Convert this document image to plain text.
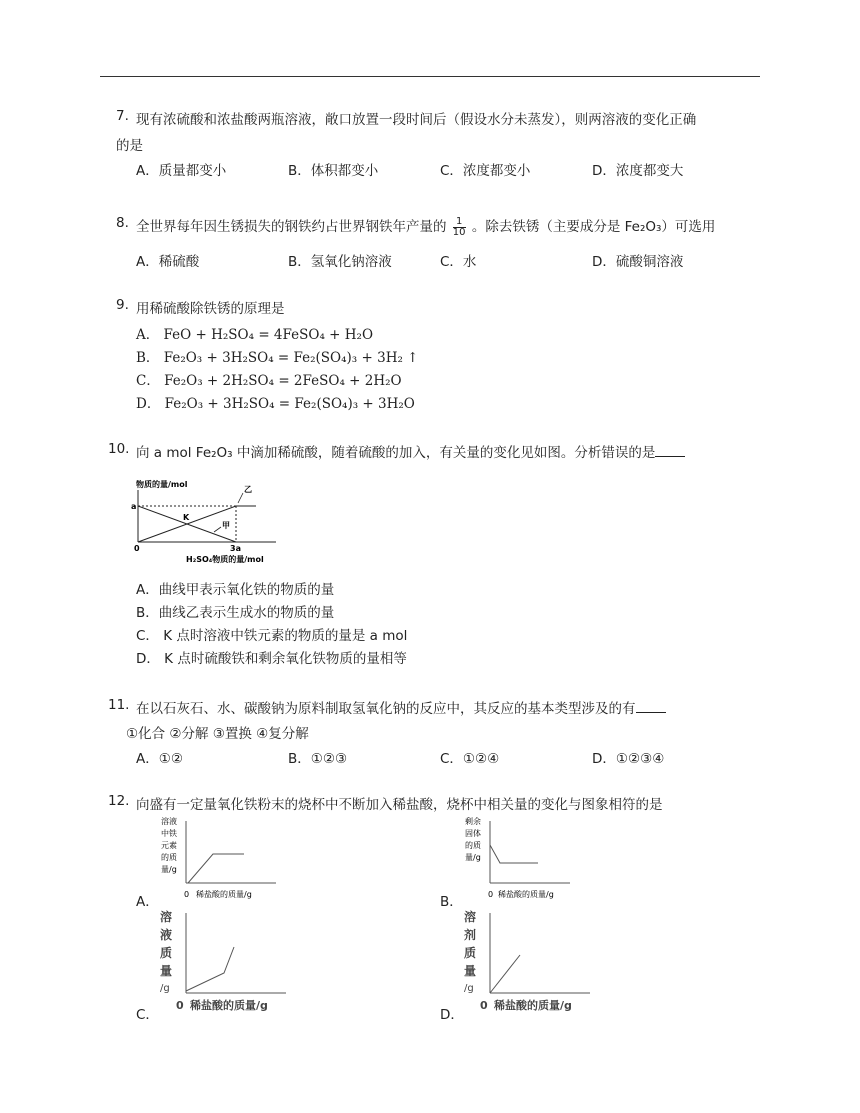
7. 现有浓硫酸和浓盐酸两瓶溶液，敞口放置一段时间后（假设水分未蒸发），则两溶液的变化正确
的是
A．质量都变小	B．体积都变小	C．浓度都变小	D．浓度都变大
8. 全世界每年因生锈损失的钢铁约占世界钢铁年产量的 $\frac{1}{10}$ 。除去铁锈（主要成分是 Fe₂O₃）可选用
A．稀硫酸	B．氢氧化钠溶液	C．水	D．硫酸铜溶液
9. 用稀硫酸除铁锈的原理是
A． FeO + H₂SO₄ = 4FeSO₄ + H₂O
B． Fe₂O₃ + 3H₂SO₄ = Fe₂(SO₄)₃ + 3H₂ ↑
C． Fe₂O₃ + 2H₂SO₄ = 2FeSO₄ + 2H₂O
D． Fe₂O₃ + 3H₂SO₄ = Fe₂(SO₄)₃ + 3H₂O
10. 向 a mol Fe₂O₃ 中滴加稀硫酸，随着硫酸的加入，有关量的变化见如图。分析错误的是
物质的量/mol
a
0	3a
K
甲
乙
H₂SO₄物质的量/mol
A．曲线甲表示氧化铁的物质的量
B．曲线乙表示生成水的物质的量
C． K 点时溶液中铁元素的物质的量是 a mol
D． K 点时硫酸铁和剩余氧化铁物质的量相等
11. 在以石灰石、水、碳酸钠为原料制取氢氧化钠的反应中，其反应的基本类型涉及的有
①化合 ②分解 ③置换 ④复分解
A．①②	B．①②③	C．①②④	D．①②③④
12. 向盛有一定量氧化铁粉末的烧杯中不断加入稀盐酸，烧杯中相关量的变化与图象相符的是
A．
溶液
中铁
元素
的质
量/g
0 稀盐酸的质量/g	B．
剩余
固体
的质
量/g
0 稀盐酸的质量/g
C．
溶
液
质
量
/g
0 稀盐酸的质量/g
D．
溶
剂
质
量
/g
0 稀盐酸的质量/g
